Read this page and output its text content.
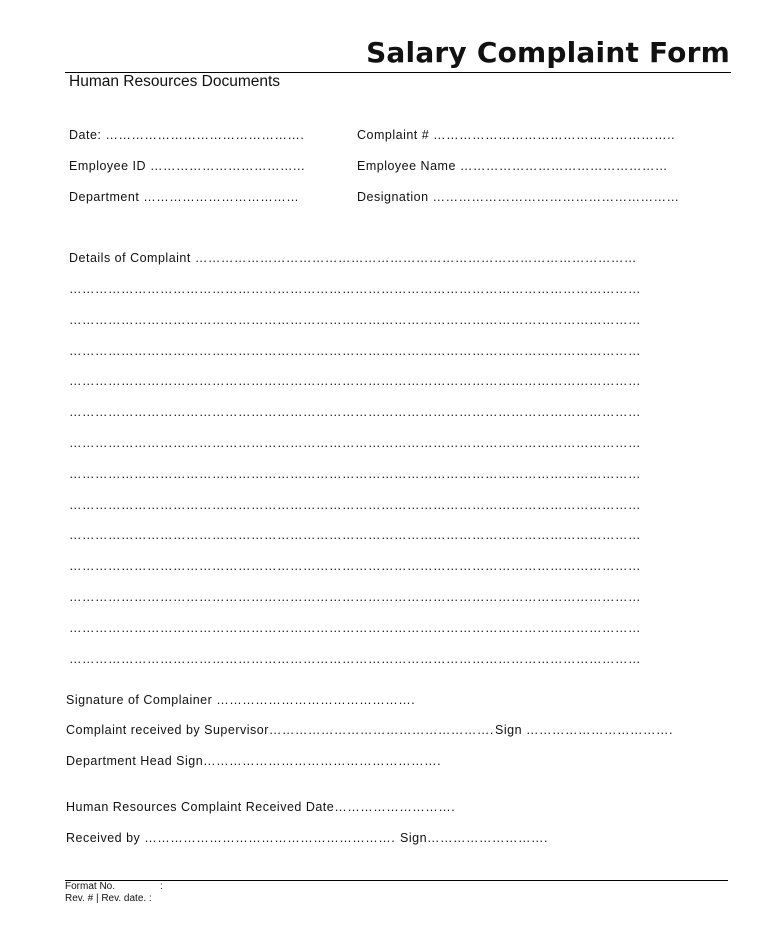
Salary Complaint Form
Human Resources Documents
Date: ……………………………………….	Complaint # ………………………………………………..
Employee ID ……………………………...	Employee Name …………………………………………
Department ………………………………	Designation …………………………………………………
Details of Complaint …………………………………………………………………………………………
……………………………………………………………………………………………………………………
……………………………………………………………………………………………………………………
……………………………………………………………………………………………………………………
……………………………………………………………………………………………………………………
……………………………………………………………………………………………………………………
……………………………………………………………………………………………………………………
……………………………………………………………………………………………………………………
……………………………………………………………………………………………………………………
……………………………………………………………………………………………………………………
……………………………………………………………………………………………………………………
……………………………………………………………………………………………………………………
……………………………………………………………………………………………………………………
……………………………………………………………………………………………………………………
Signature of Complainer ……………………………………….
Complaint received by Supervisor……………………………………………. Sign …………………………….
Department Head Sign……………………………………………….
Human Resources Complaint Received Date……………………….
Received by …………………………………………………. Sign……………………….
Format No.	:
Rev. # | Rev. date. :
